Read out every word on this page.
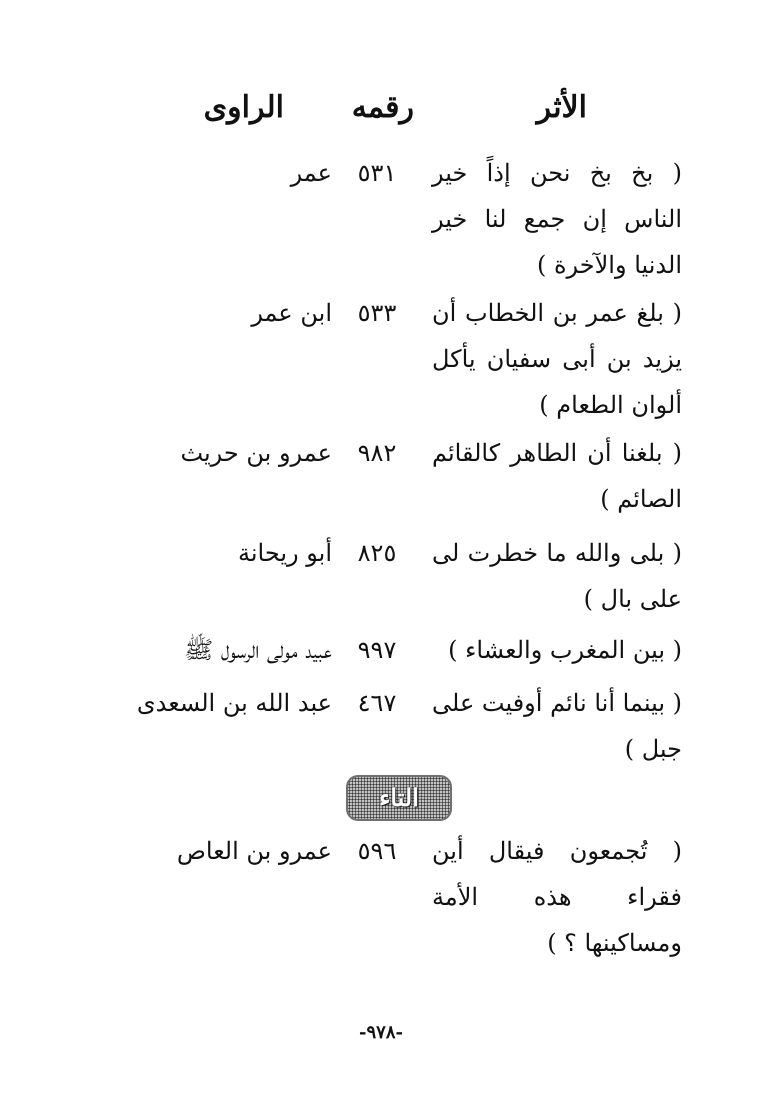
الأثر
رقمه
الراوى
( بخ بخ نحن إذاً خير الناس إن جمع لنا خير الدنيا والآخرة )
٥٣١
عمر
( بلغ عمر بن الخطاب أن يزيد بن أبى سفيان يأكل ألوان الطعام )
٥٣٣
ابن عمر
( بلغنا أن الطاهر كالقائم الصائم )
٩٨٢
عمرو بن حريث
( بلى والله ما خطرت لى على بال )
٨٢٥
أبو ريحانة
( بين المغرب والعشاء )
٩٩٧
عبيد مولى الرسول ﷺ
( بينما أنا نائم أوفيت على جبل )
٤٦٧
عبد الله بن السعدى
التاء
( تُجمعون فيقال أين فقراء هذه الأمة ومساكينها ؟ )
٥٩٦
عمرو بن العاص
-٩٧٨-
